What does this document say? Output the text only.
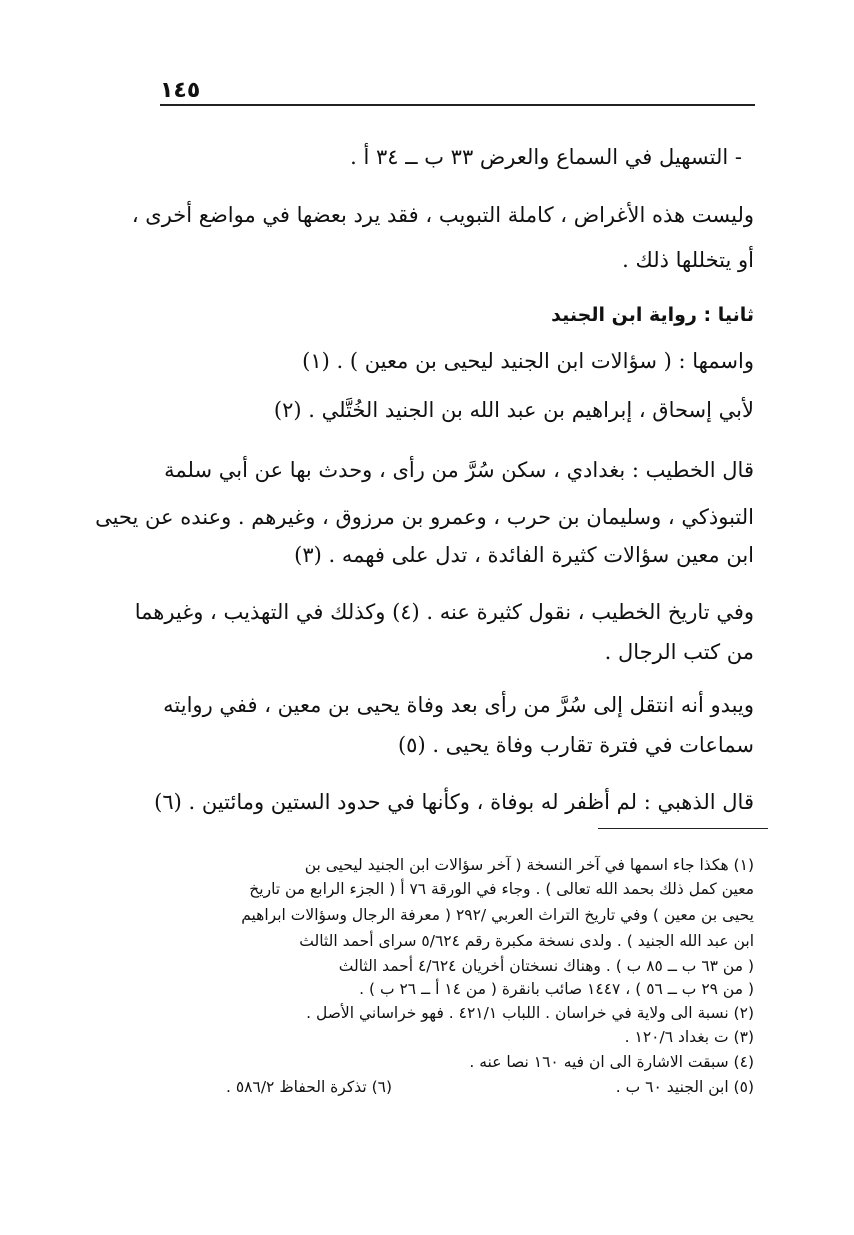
١٤٥
- التسهيل في السماع والعرض ٣٣ ب ــ ٣٤ أ .
وليست هذه الأغراض ، كاملة التبويب ، فقد يرد بعضها في مواضع أخرى ،
أو يتخللها ذلك .
ثانيا : رواية ابن الجنيد
واسمها : ( سؤالات ابن الجنيد ليحيى بن معين ) . (١)
لأبي إسحاق ، إبراهيم بن عبد الله بن الجنيد الخُتَّلي . (٢)
قال الخطيب : بغدادي ، سكن سُرَّ من رأى ، وحدث بها عن أبي سلمة
التبوذكي ، وسليمان بن حرب ، وعمرو بن مرزوق ، وغيرهم . وعنده عن يحيى
ابن معين سؤالات كثيرة الفائدة ، تدل على فهمه . (٣)
وفي تاريخ الخطيب ، نقول كثيرة عنه . (٤) وكذلك في التهذيب ، وغيرهما
من كتب الرجال .
ويبدو أنه انتقل إلى سُرَّ من رأى بعد وفاة يحيى بن معين ، ففي روايته
سماعات في فترة تقارب وفاة يحيى . (٥)
قال الذهبي : لم أظفر له بوفاة ، وكأنها في حدود الستين ومائتين . (٦)
(١) هكذا جاء اسمها في آخر النسخة ( آخر سؤالات ابن الجنيد ليحيى بن
معين كمل ذلك بحمد الله تعالى ) . وجاء في الورقة ٧٦ أ ( الجزء الرابع من تاريخ
يحيى بن معين ) وفي تاريخ التراث العربي /٢٩٢ ( معرفة الرجال وسؤالات ابراهيم
ابن عبد الله الجنيد ) . ولدى نسخة مكبرة رقم ٥/٦٢٤ سراى أحمد الثالث
( من ٦٣ ب ــ ٨٥ ب ) . وهناك نسختان أخريان ٤/٦٢٤ أحمد الثالث
( من ٢٩ ب ــ ٥٦ ) ، ١٤٤٧ صائب بانقرة ( من ١٤ أ ــ ٢٦ ب ) .
(٢) نسبة الى ولاية في خراسان . اللباب ٤٢١/١ . فهو خراساني الأصل .
(٣) ت بغداد ١٢٠/٦ .
(٤) سبقت الاشارة الى ان فيه ١٦٠ نصا عنه .
(٥) ابن الجنيد ٦٠ ب .
(٦) تذكرة الحفاظ ٥٨٦/٢ .
